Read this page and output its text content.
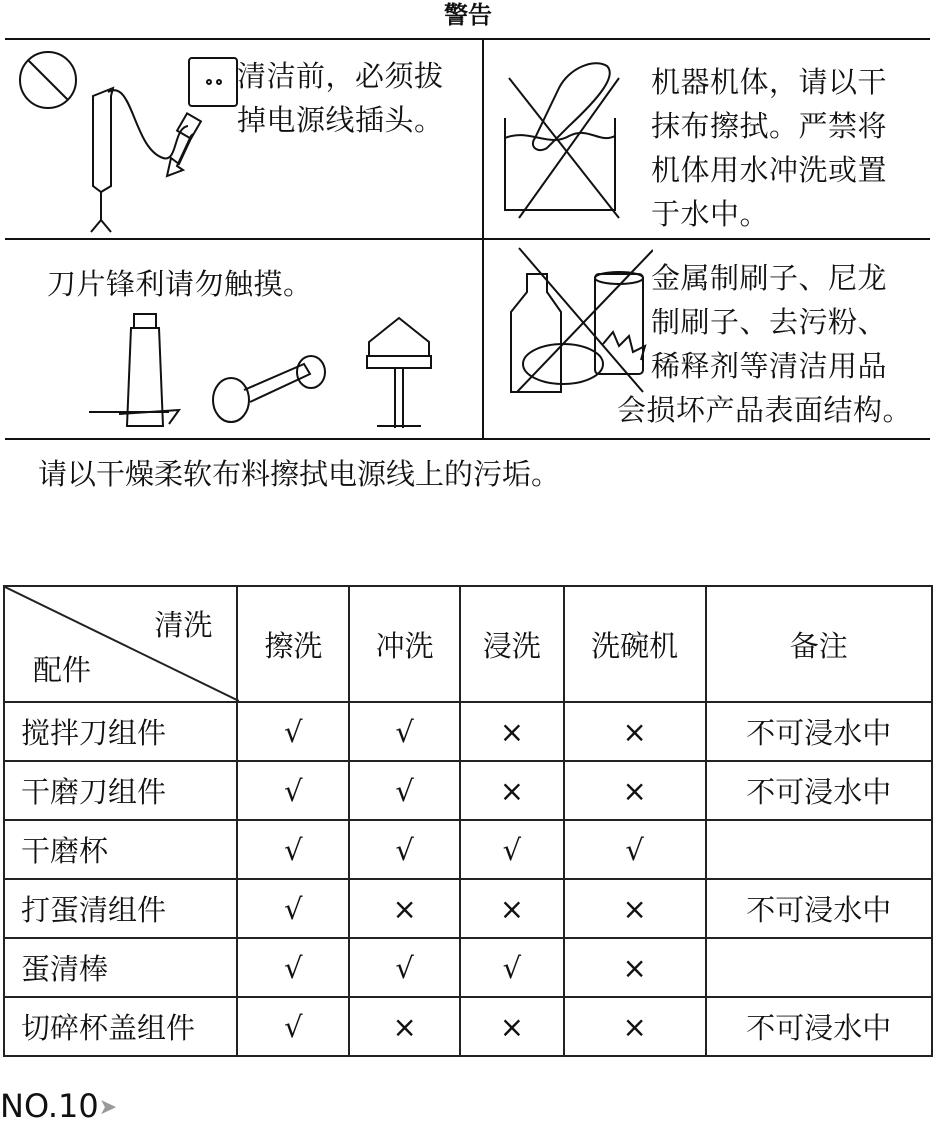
警告
清洁前，必须拔
掉电源线插头。
机器机体，请以干
抹布擦拭。严禁将
机体用水冲洗或置
于水中。
刀片锋利请勿触摸。	金属制刷子、尼龙
制刷子、去污粉、
稀释剂等清洁用品
会损坏产品表面结构。
请以干燥柔软布料擦拭电源线上的污垢。
清洗
配件	擦洗	冲洗	浸洗	洗碗机	备注
搅拌刀组件	√	√	×	×	不可浸水中
干磨刀组件	√	√	×	×	不可浸水中
干磨杯	√	√	√	√	
打蛋清组件	√	×	×	×	不可浸水中
蛋清棒	√	√	√	×	
切碎杯盖组件	√	×	×	×	不可浸水中
NO.10➤
